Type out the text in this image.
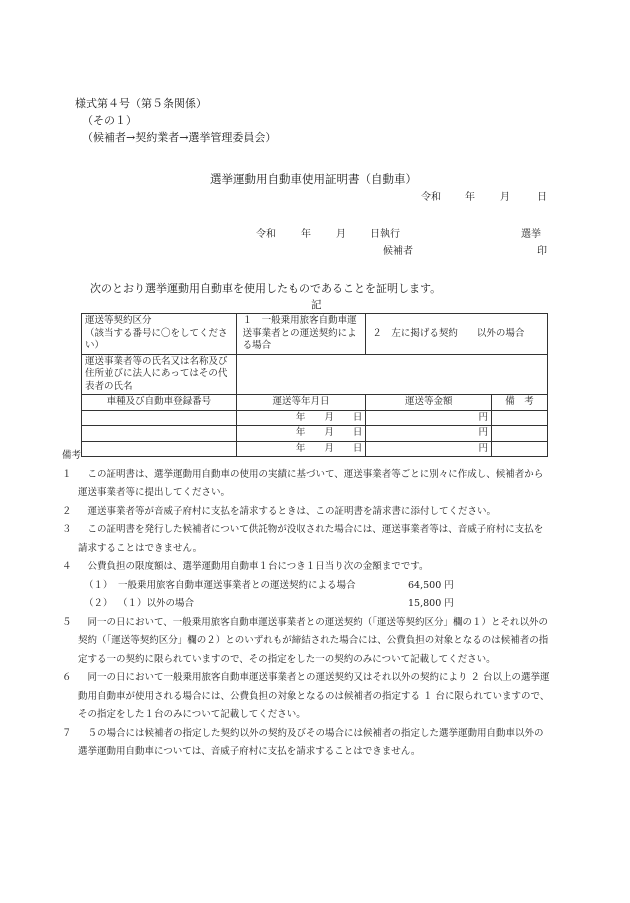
様式第４号（第５条関係）
（その１）
（候補者→契約業者→選挙管理委員会）
選挙運動用自動車使用証明書（自動車）
令和 年	月	日
令和	年	月 日執行	選挙
候補者	印
次のとおり選挙運動用自動車を使用したものであることを証明します。
記
運送等契約区分
（該当する番号に〇をしてください）	１　一般乗用旅客自動車運送事業者との運送契約による場合	２　左に掲げる契約　　以外の場合	
運送事業者等の氏名又は名称及び住所並びに法人にあってはその代表者の氏名			
車種及び自動車登録番号	運送等年月日	運送等金額	備　考
	年　　月　　日	円	
	年　　月　　日	円	
	年　　月　　日	円	
備考
１ 　この証明書は、選挙運動用自動車の使用の実績に基づいて、運送事業者等ごとに別々に作成し、候補者から運送事業者等に提出してください。
２ 　運送事業者等が音威子府村に支払を請求するときは、この証明書を請求書に添付してください。
３ 　この証明書を発行した候補者について供託物が没収された場合には、運送事業者等は、音威子府村に支払を請求することはできません。
４ 　公費負担の限度額は、選挙運動用自動車１台につき１日当り次の金額までです。
（１） 一般乗用旅客自動車運送事業者との運送契約による場合	64,500 円
（２） （１）以外の場合	15,800 円
５ 　同一の日において、一般乗用旅客自動車運送事業者との運送契約（「運送等契約区分」欄の１）とそれ以外の契約（「運送等契約区分」欄の２）とのいずれもが締結された場合には、公費負担の対象となるのは候補者の指定する一の契約に限られていますので、その指定をした一の契約のみについて記載してください。
６ 　同一の日において一般乗用旅客自動車運送事業者との運送契約又はそれ以外の契約により ２ 台以上の選挙運動用自動車が使用される場合には、公費負担の対象となるのは候補者の指定する １ 台に限られていますので、その指定をした１台のみについて記載してください。
７ 　５の場合には候補者の指定した契約以外の契約及びその場合には候補者の指定した選挙運動用自動車以外の選挙運動用自動車については、音威子府村に支払を請求することはできません。
